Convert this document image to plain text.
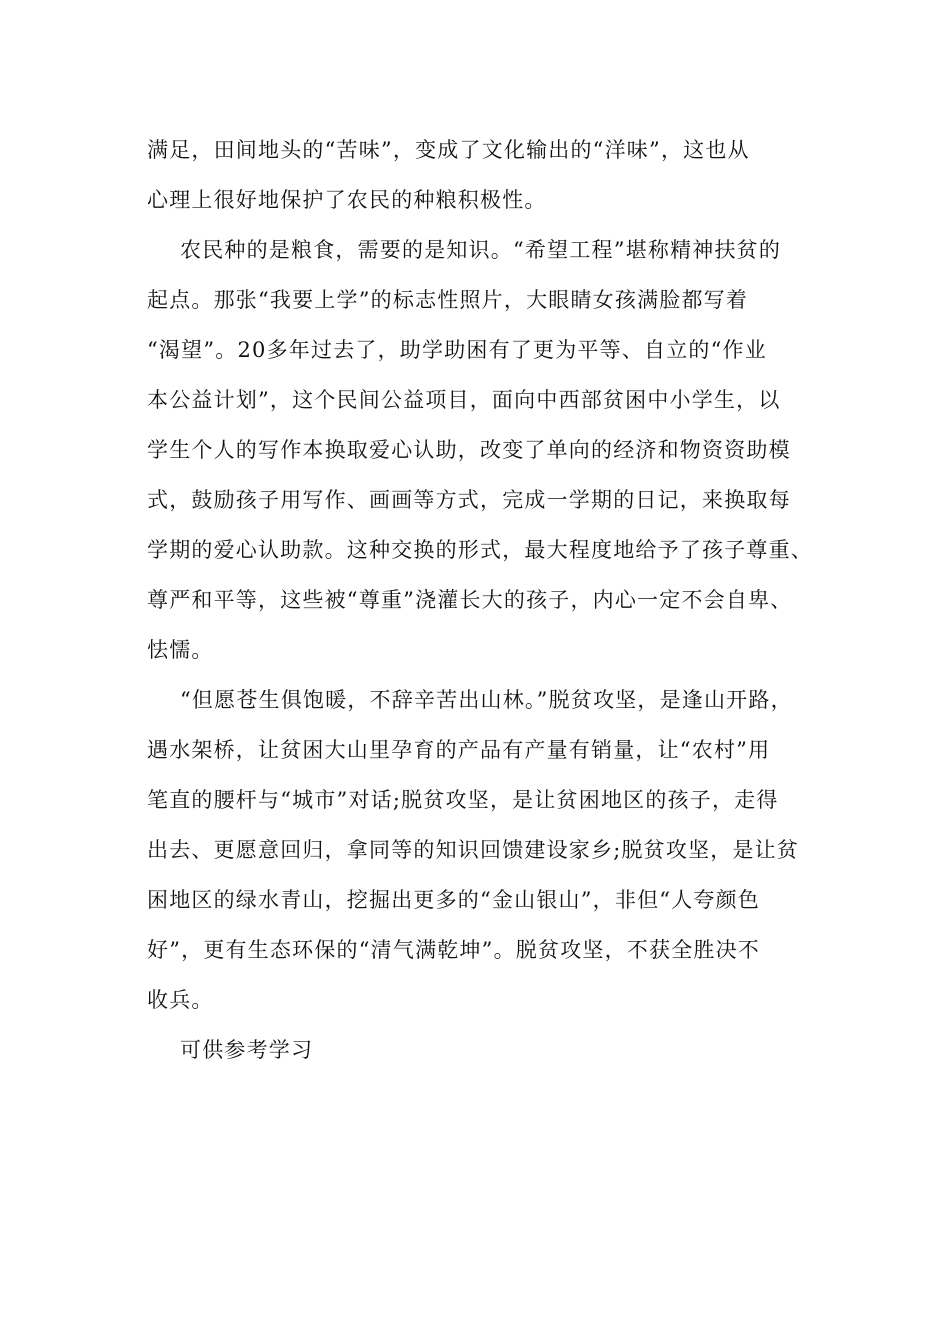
满足，田间地头的“苦味”，变成了文化输出的“洋味”，这也从
心理上很好地保护了农民的种粮积极性。
农民种的是粮食，需要的是知识。“希望工程”堪称精神扶贫的
起点。那张“我要上学”的标志性照片，大眼睛女孩满脸都写着
“渴望”。20多年过去了，助学助困有了更为平等、自立的“作业
本公益计划”，这个民间公益项目，面向中西部贫困中小学生，以
学生个人的写作本换取爱心认助，改变了单向的经济和物资资助模
式，鼓励孩子用写作、画画等方式，完成一学期的日记，来换取每
学期的爱心认助款。这种交换的形式，最大程度地给予了孩子尊重、
尊严和平等，这些被“尊重”浇灌长大的孩子，内心一定不会自卑、
怯懦。
“但愿苍生俱饱暖，不辞辛苦出山林。”脱贫攻坚，是逢山开路，
遇水架桥，让贫困大山里孕育的产品有产量有销量，让“农村”用
笔直的腰杆与“城市”对话;脱贫攻坚，是让贫困地区的孩子，走得
出去、更愿意回归，拿同等的知识回馈建设家乡;脱贫攻坚，是让贫
困地区的绿水青山，挖掘出更多的“金山银山”，非但“人夸颜色
好”，更有生态环保的“清气满乾坤”。脱贫攻坚，不获全胜决不
收兵。
可供参考学习
